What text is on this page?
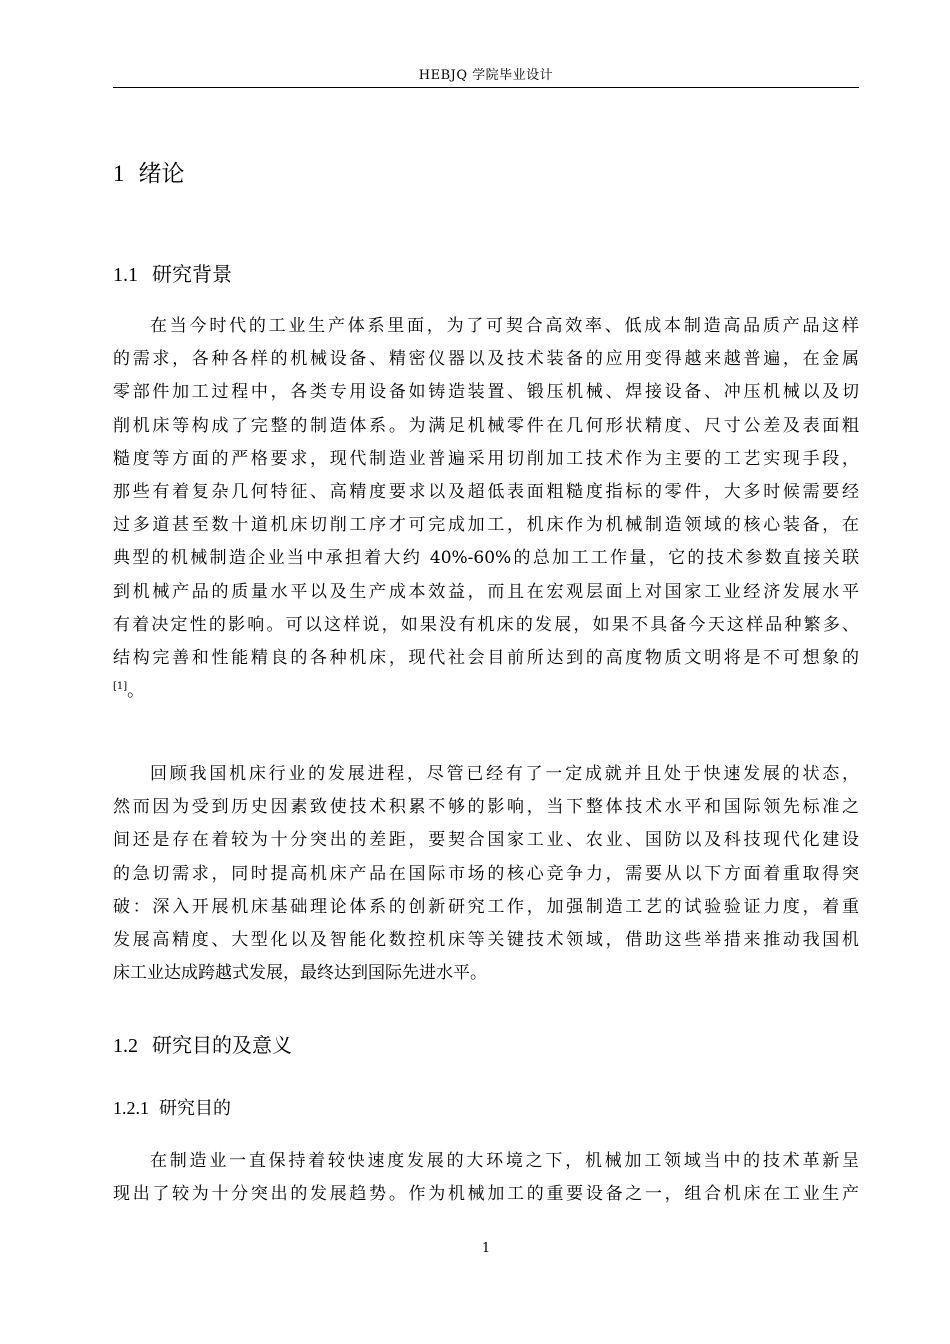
HEBJQ 学院毕业设计
1 绪论
1.1 研究背景
在当今时代的工业生产体系里面，为了可契合高效率、低成本制造高品质产品这样
的需求，各种各样的机械设备、精密仪器以及技术装备的应用变得越来越普遍，在金属
零部件加工过程中，各类专用设备如铸造装置、锻压机械、焊接设备、冲压机械以及切
削机床等构成了完整的制造体系。为满足机械零件在几何形状精度、尺寸公差及表面粗
糙度等方面的严格要求，现代制造业普遍采用切削加工技术作为主要的工艺实现手段，
那些有着复杂几何特征、高精度要求以及超低表面粗糙度指标的零件，大多时候需要经
过多道甚至数十道机床切削工序才可完成加工，机床作为机械制造领域的核心装备，在
典型的机械制造企业当中承担着大约 40%-60%的总加工工作量，它的技术参数直接关联
到机械产品的质量水平以及生产成本效益，而且在宏观层面上对国家工业经济发展水平
有着决定性的影响。可以这样说，如果没有机床的发展，如果不具备今天这样品种繁多、
结构完善和性能精良的各种机床，现代社会目前所达到的高度物质文明将是不可想象的
[1]。
回顾我国机床行业的发展进程，尽管已经有了一定成就并且处于快速发展的状态，
然而因为受到历史因素致使技术积累不够的影响，当下整体技术水平和国际领先标准之
间还是存在着较为十分突出的差距，要契合国家工业、农业、国防以及科技现代化建设
的急切需求，同时提高机床产品在国际市场的核心竞争力，需要从以下方面着重取得突
破：深入开展机床基础理论体系的创新研究工作，加强制造工艺的试验验证力度，着重
发展高精度、大型化以及智能化数控机床等关键技术领域，借助这些举措来推动我国机
床工业达成跨越式发展，最终达到国际先进水平。
1.2 研究目的及意义
1.2.1 研究目的
在制造业一直保持着较快速度发展的大环境之下，机械加工领域当中的技术革新呈
现出了较为十分突出的发展趋势。作为机械加工的重要设备之一，组合机床在工业生产
1
